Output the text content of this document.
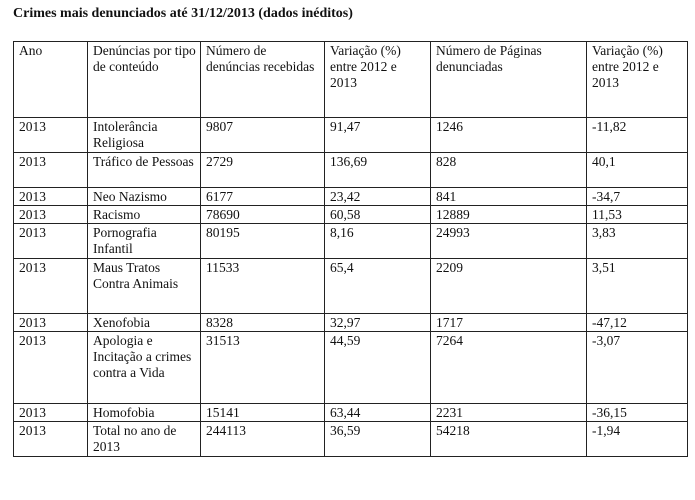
Crimes mais denunciados até 31/12/2013 (dados inéditos)
Ano	Denúncias por tipo de conteúdo	Número de denúncias recebidas	Variação (%) entre 2012 e 2013	Número de Páginas denunciadas	Variação (%) entre 2012 e 2013
2013	Intolerância Religiosa	9807	91,47	1246	-11,82
2013	Tráfico de Pessoas	2729	136,69	828	40,1
2013	Neo Nazismo	6177	23,42	841	-34,7
2013	Racismo	78690	60,58	12889	11,53
2013	Pornografia Infantil	80195	8,16	24993	3,83
2013	Maus Tratos Contra Animais	11533	65,4	2209	3,51
2013	Xenofobia	8328	32,97	1717	-47,12
2013	Apologia e Incitação a crimes contra a Vida	31513	44,59	7264	-3,07
2013	Homofobia	15141	63,44	2231	-36,15
2013	Total no ano de 2013	244113	36,59	54218	-1,94
